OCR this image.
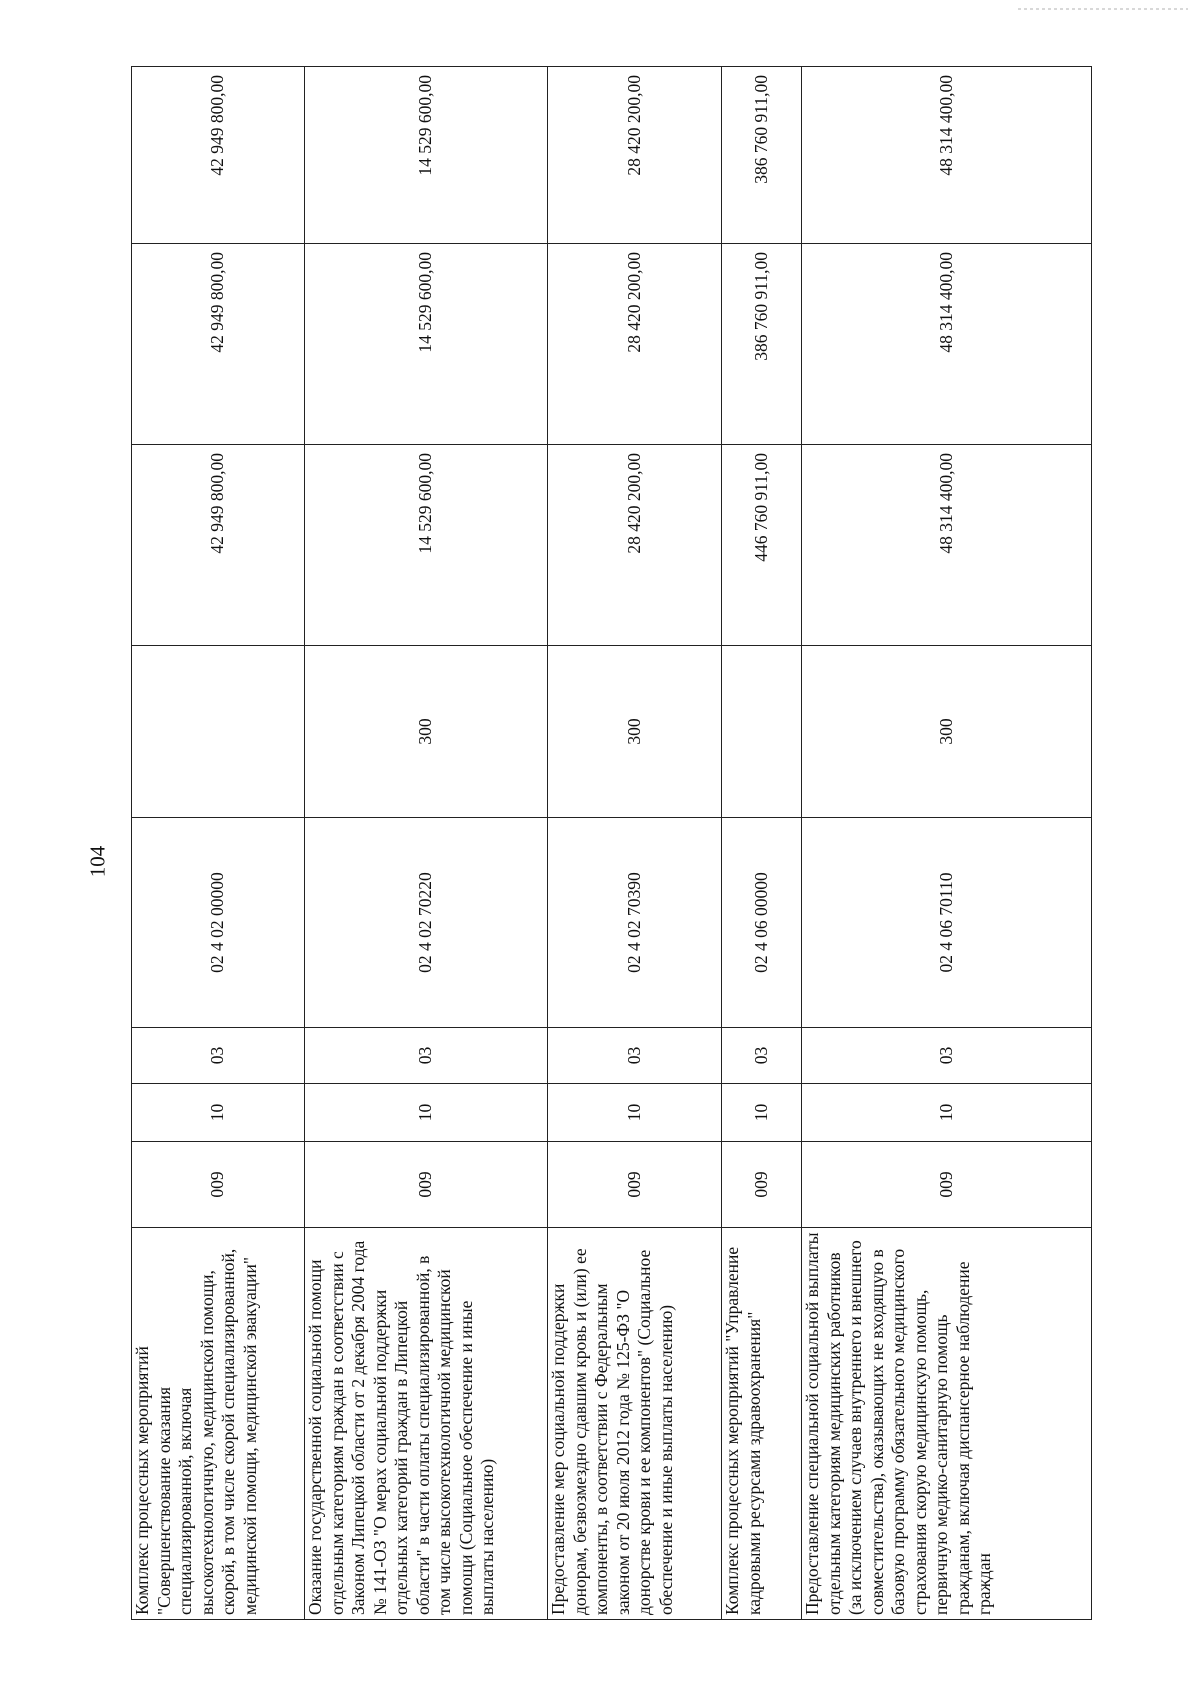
104
Комплекс процессных мероприятий "Совершенствование оказания специализированной, включая высокотехнологичную, медицинской помощи, скорой, в том числе скорой специализированной, медицинской помощи, медицинской эвакуации"	009	10	03	02 4 02 00000		42 949 800,00	42 949 800,00	42 949 800,00
Оказание государственной социальной помощи отдельным категориям граждан в соответствии с Законом Липецкой области от 2 декабря 2004 года № 141-ОЗ "О мерах социальной поддержки отдельных категорий граждан в Липецкой области" в части оплаты специализированной, в том числе высокотехнологичной медицинской помощи (Социальное обеспечение и иные выплаты населению)	009	10	03	02 4 02 70220	300	14 529 600,00	14 529 600,00	14 529 600,00
Предоставление мер социальной поддержки донорам, безвозмездно сдавшим кровь и (или) ее компоненты, в соответствии с Федеральным законом от 20 июля 2012 года № 125-ФЗ "О донорстве крови и ее компонентов" (Социальное обеспечение и иные выплаты населению)	009	10	03	02 4 02 70390	300	28 420 200,00	28 420 200,00	28 420 200,00
Комплекс процессных мероприятий "Управление кадровыми ресурсами здравоохранения"	009	10	03	02 4 06 00000		446 760 911,00	386 760 911,00	386 760 911,00
Предоставление специальной социальной выплаты отдельным категориям медицинских работников (за исключением случаев внутреннего и внешнего совместительства), оказывающих не входящую в базовую программу обязательного медицинского страхования скорую медицинскую помощь, первичную медико-санитарную помощь гражданам, включая диспансерное наблюдение граждан	009	10	03	02 4 06 70110	300	48 314 400,00	48 314 400,00	48 314 400,00
